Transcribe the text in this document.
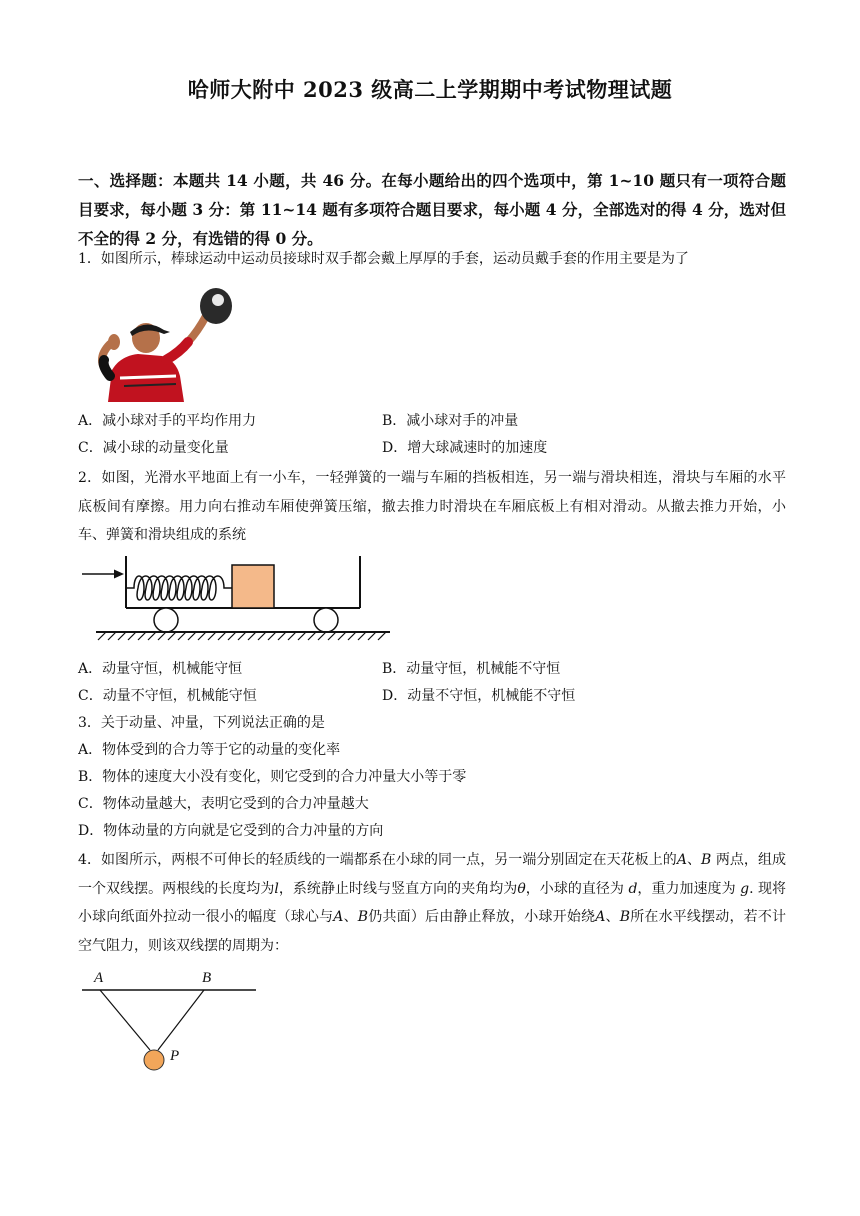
哈师大附中 2023 级高二上学期期中考试物理试题
一、选择题：本题共 14 小题，共 46 分。在每小题给出的四个选项中，第 1~10 题只有一项符合题目要求，每小题 3 分：第 11~14 题有多项符合题目要求，每小题 4 分，全部选对的得 4 分，选对但不全的得 2 分，有选错的得 0 分。
1．如图所示，棒球运动中运动员接球时双手都会戴上厚厚的手套，运动员戴手套的作用主要是为了
A．减小球对手的平均作用力	B．减小球对手的冲量
C．减小球的动量变化量	D．增大球减速时的加速度
2．如图，光滑水平地面上有一小车，一轻弹簧的一端与车厢的挡板相连，另一端与滑块相连，滑块与车厢的水平底板间有摩擦。用力向右推动车厢使弹簧压缩，撤去推力时滑块在车厢底板上有相对滑动。从撤去推力开始，小车、弹簧和滑块组成的系统
A．动量守恒，机械能守恒	B．动量守恒，机械能不守恒
C．动量不守恒，机械能守恒	D．动量不守恒，机械能不守恒
3．关于动量、冲量，下列说法正确的是
A．物体受到的合力等于它的动量的变化率
B．物体的速度大小没有变化，则它受到的合力冲量大小等于零
C．物体动量越大，表明它受到的合力冲量越大
D．物体动量的方向就是它受到的合力冲量的方向
4．如图所示，两根不可伸长的轻质线的一端都系在小球的同一点，另一端分别固定在天花板上的A、B 两点，组成一个双线摆。两根线的长度均为l，系统静止时线与竖直方向的夹角均为θ，小球的直径为 d，重力加速度为 g. 现将小球向纸面外拉动一很小的幅度（球心与A、B仍共面）后由静止释放，小球开始绕A、B所在水平线摆动，若不计空气阻力，则该双线摆的周期为：
A	B
P
